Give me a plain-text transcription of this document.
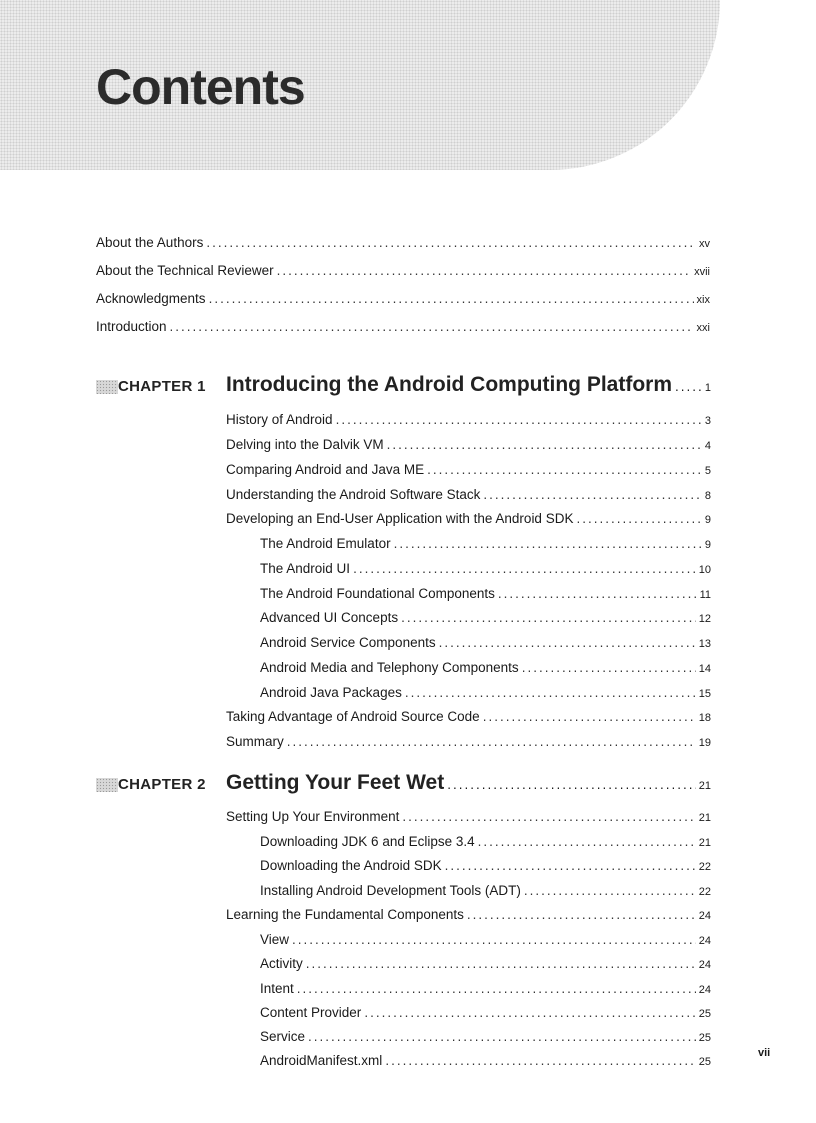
Contents
About the Authors .....	xv
About the Technical Reviewer .....	xvii
Acknowledgments .....	xix
Introduction .....	xxi
CHAPTER 1 Introducing the Android Computing Platform .....	1
History of Android .....	3
Delving into the Dalvik VM .....	4
Comparing Android and Java ME .....	5
Understanding the Android Software Stack .....	8
Developing an End-User Application with the Android SDK .....	9
The Android Emulator .....	9
The Android UI .....	10
The Android Foundational Components .....	11
Advanced UI Concepts .....	12
Android Service Components .....	13
Android Media and Telephony Components .....	14
Android Java Packages .....	15
Taking Advantage of Android Source Code .....	18
Summary .....	19
CHAPTER 2 Getting Your Feet Wet .....	21
Setting Up Your Environment .....	21
Downloading JDK 6 and Eclipse 3.4 .....	21
Downloading the Android SDK .....	22
Installing Android Development Tools (ADT) .....	22
Learning the Fundamental Components .....	24
View .....	24
Activity .....	24
Intent .....	24
Content Provider .....	25
Service .....	25
AndroidManifest.xml .....	25
vii
